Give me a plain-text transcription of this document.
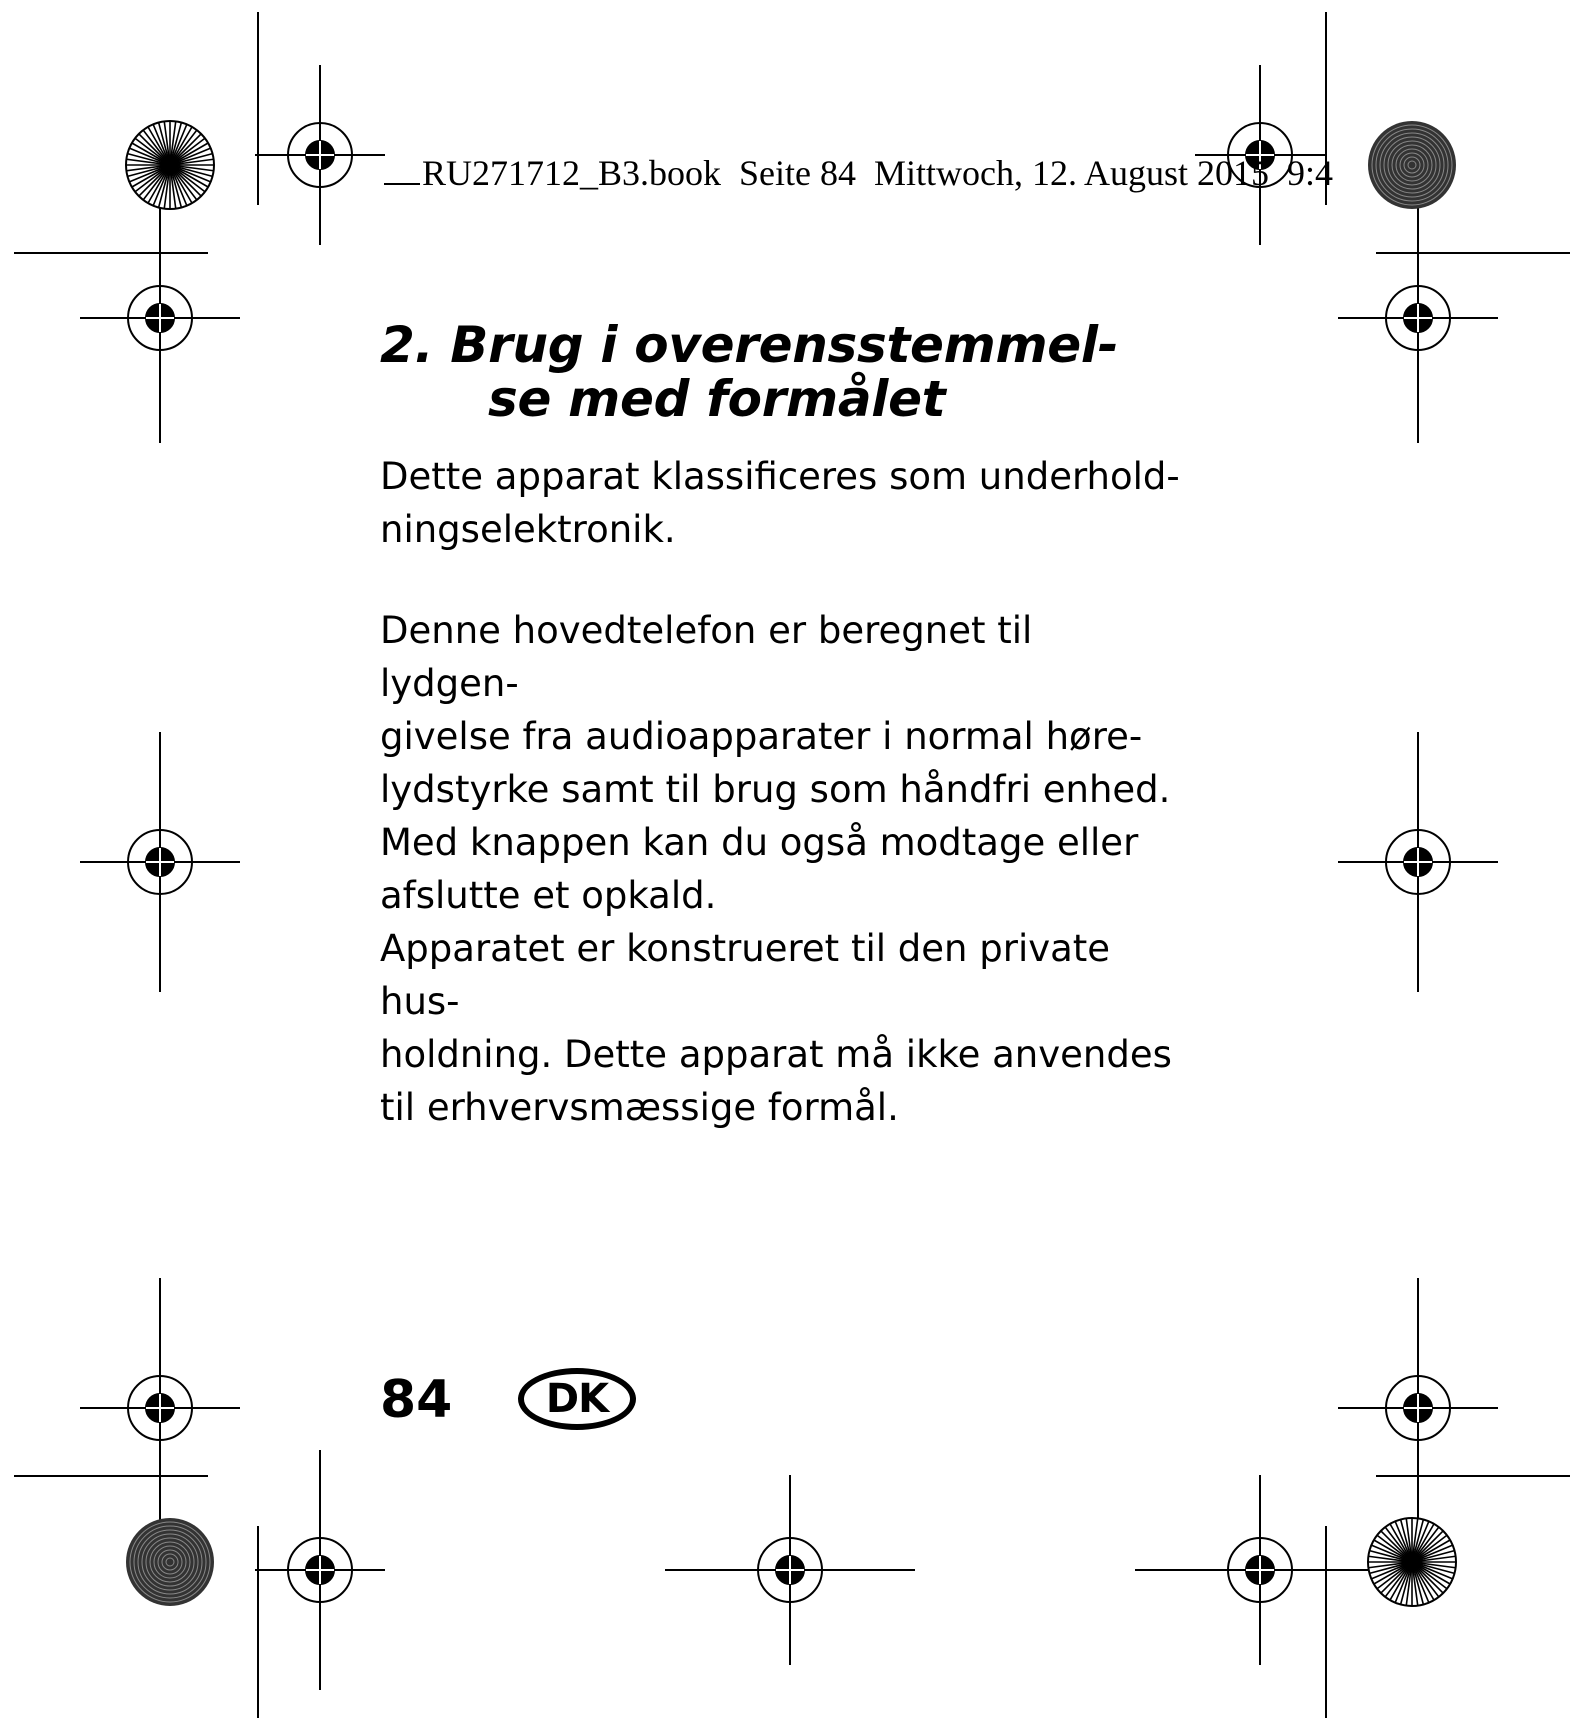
RU271712_B3.book Seite 84 Mittwoch, 12. August 2015 9:4
2. Brug i overensstemmel-
se med formålet

Dette apparat klassificeres som underhold-
ningselektronik.

Denne hovedtelefon er beregnet til lydgen-
givelse fra audioapparater i normal høre-
lydstyrke samt til brug som håndfri enhed.
Med knappen kan du også modtage eller
afslutte et opkald.
Apparatet er konstrueret til den private hus-
holdning. Dette apparat må ikke anvendes
til erhvervsmæssige formål.

84	DK
